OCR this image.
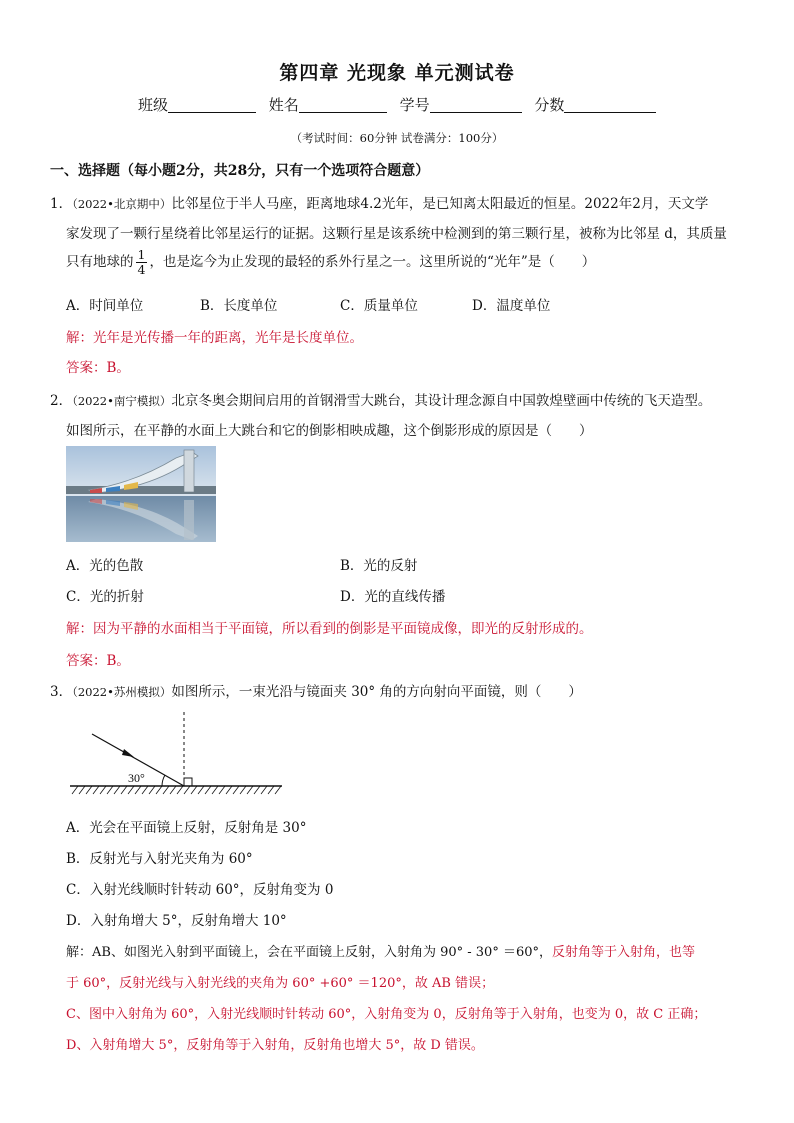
第四章 光现象 单元测试卷
班级	姓名	学号	分数
（考试时间：60分钟 试卷满分：100分）
一、选择题（每小题2分，共28分，只有一个选项符合题意）
1．（2022•北京期中）比邻星位于半人马座，距离地球4.2光年，是已知离太阳最近的恒星。2022年2月，天文学
家发现了一颗行星绕着比邻星运行的证据。这颗行星是该系统中检测到的第三颗行星，被称为比邻星 d，其质量
只有地球的 $\frac{1}{4}$ ，也是迄今为止发现的最轻的系外行星之一。这里所说的“光年”是（　　）
A．时间单位	B．长度单位	C．质量单位	D．温度单位
解：光年是光传播一年的距离，光年是长度单位。
答案：B。
2．（2022•南宁模拟）北京冬奥会期间启用的首钢滑雪大跳台，其设计理念源自中国敦煌壁画中传统的飞天造型。
如图所示，在平静的水面上大跳台和它的倒影相映成趣，这个倒影形成的原因是（　　）
A．光的色散	B．光的反射
C．光的折射	D．光的直线传播
解：因为平静的水面相当于平面镜，所以看到的倒影是平面镜成像，即光的反射形成的。
答案：B。
3．（2022•苏州模拟）如图所示，一束光沿与镜面夹 30° 角的方向射向平面镜，则（　　）
30°
A．光会在平面镜上反射，反射角是 30°
B．反射光与入射光夹角为 60°
C．入射光线顺时针转动 60°，反射角变为 0
D．入射角增大 5°，反射角增大 10°
解：AB、如图光入射到平面镜上，会在平面镜上反射，入射角为 90° - 30° ＝60°，反射角等于入射角，也等
于 60°，反射光线与入射光线的夹角为 60° +60° ＝120°，故 AB 错误；
C、图中入射角为 60°，入射光线顺时针转动 60°，入射角变为 0，反射角等于入射角，也变为 0，故 C 正确；
D、入射角增大 5°，反射角等于入射角，反射角也增大 5°，故 D 错误。
